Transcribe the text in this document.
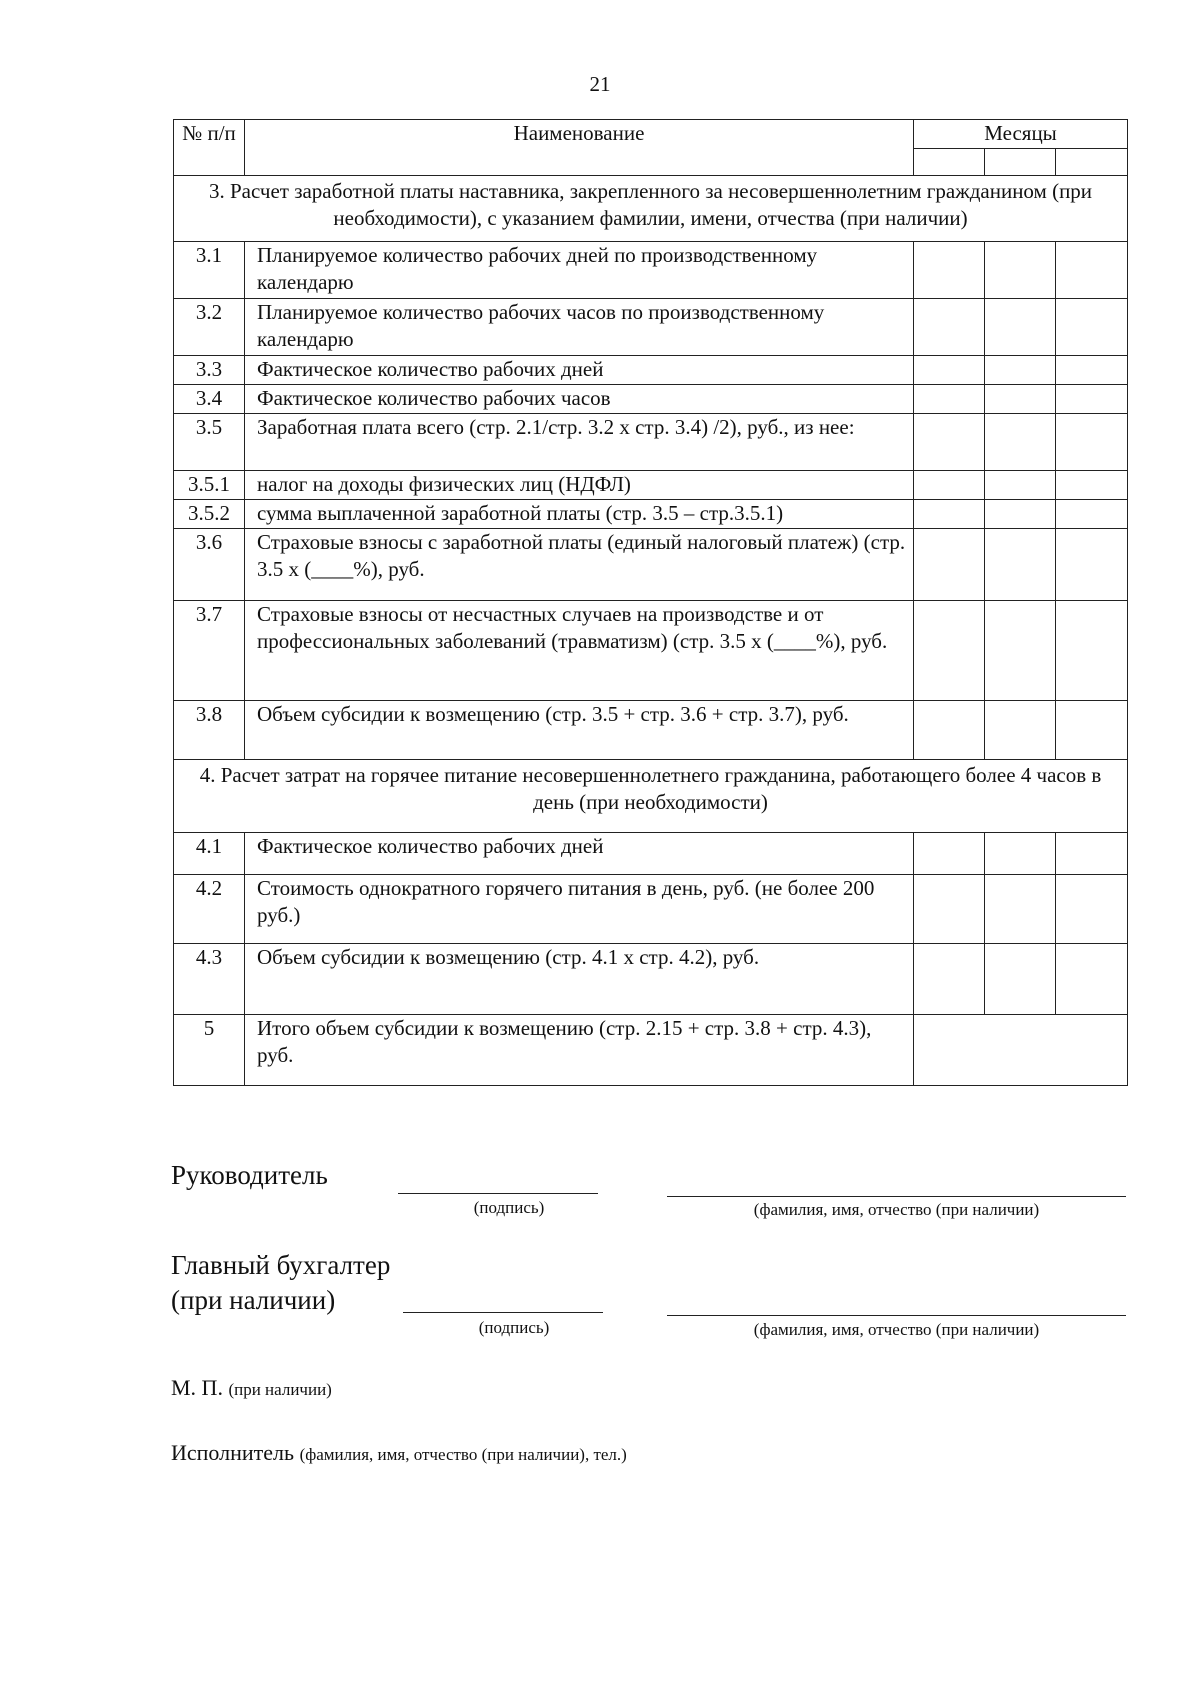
21
№ п/п	Наименование	Месяцы		

3. Расчет заработной платы наставника, закрепленного за несовершеннолетним гражданином (при необходимости), с указанием фамилии, имени, отчества (при наличии)				
3.1	Планируемое количество рабочих дней по производственному календарю			
3.2	Планируемое количество рабочих часов по производственному календарю			
3.3	Фактическое количество рабочих дней			
3.4	Фактическое количество рабочих часов			
3.5	Заработная плата всего (стр. 2.1/стр. 3.2 х стр. 3.4) /2), руб., из нее:			
3.5.1	налог на доходы физических лиц (НДФЛ)			
3.5.2	сумма выплаченной заработной платы (стр. 3.5 – стр.3.5.1)			
3.6	Страховые взносы с заработной платы (единый налоговый платеж) (стр. 3.5 х (____%), руб.			
3.7	Страховые взносы от несчастных случаев на производстве и от профессиональных заболеваний (травматизм) (стр. 3.5 х (____%), руб.			
3.8	Объем субсидии к возмещению (стр. 3.5 + стр. 3.6 + стр. 3.7), руб.			
4. Расчет затрат на горячее питание несовершеннолетнего гражданина, работающего более 4 часов в день (при необходимости)				
4.1	Фактическое количество рабочих дней			
4.2	Стоимость однократного горячего питания в день, руб. (не более 200 руб.)			
4.3	Объем субсидии к возмещению (стр. 4.1 х стр. 4.2), руб.			
5	Итого объем субсидии к возмещению (стр. 2.15 + стр. 3.8 + стр. 4.3), руб.			
Руководитель
(подпись)	(фамилия, имя, отчество (при наличии)
Главный бухгалтер
(при наличии)
(подпись)	(фамилия, имя, отчество (при наличии)
М. П. (при наличии)
Исполнитель (фамилия, имя, отчество (при наличии), тел.)
